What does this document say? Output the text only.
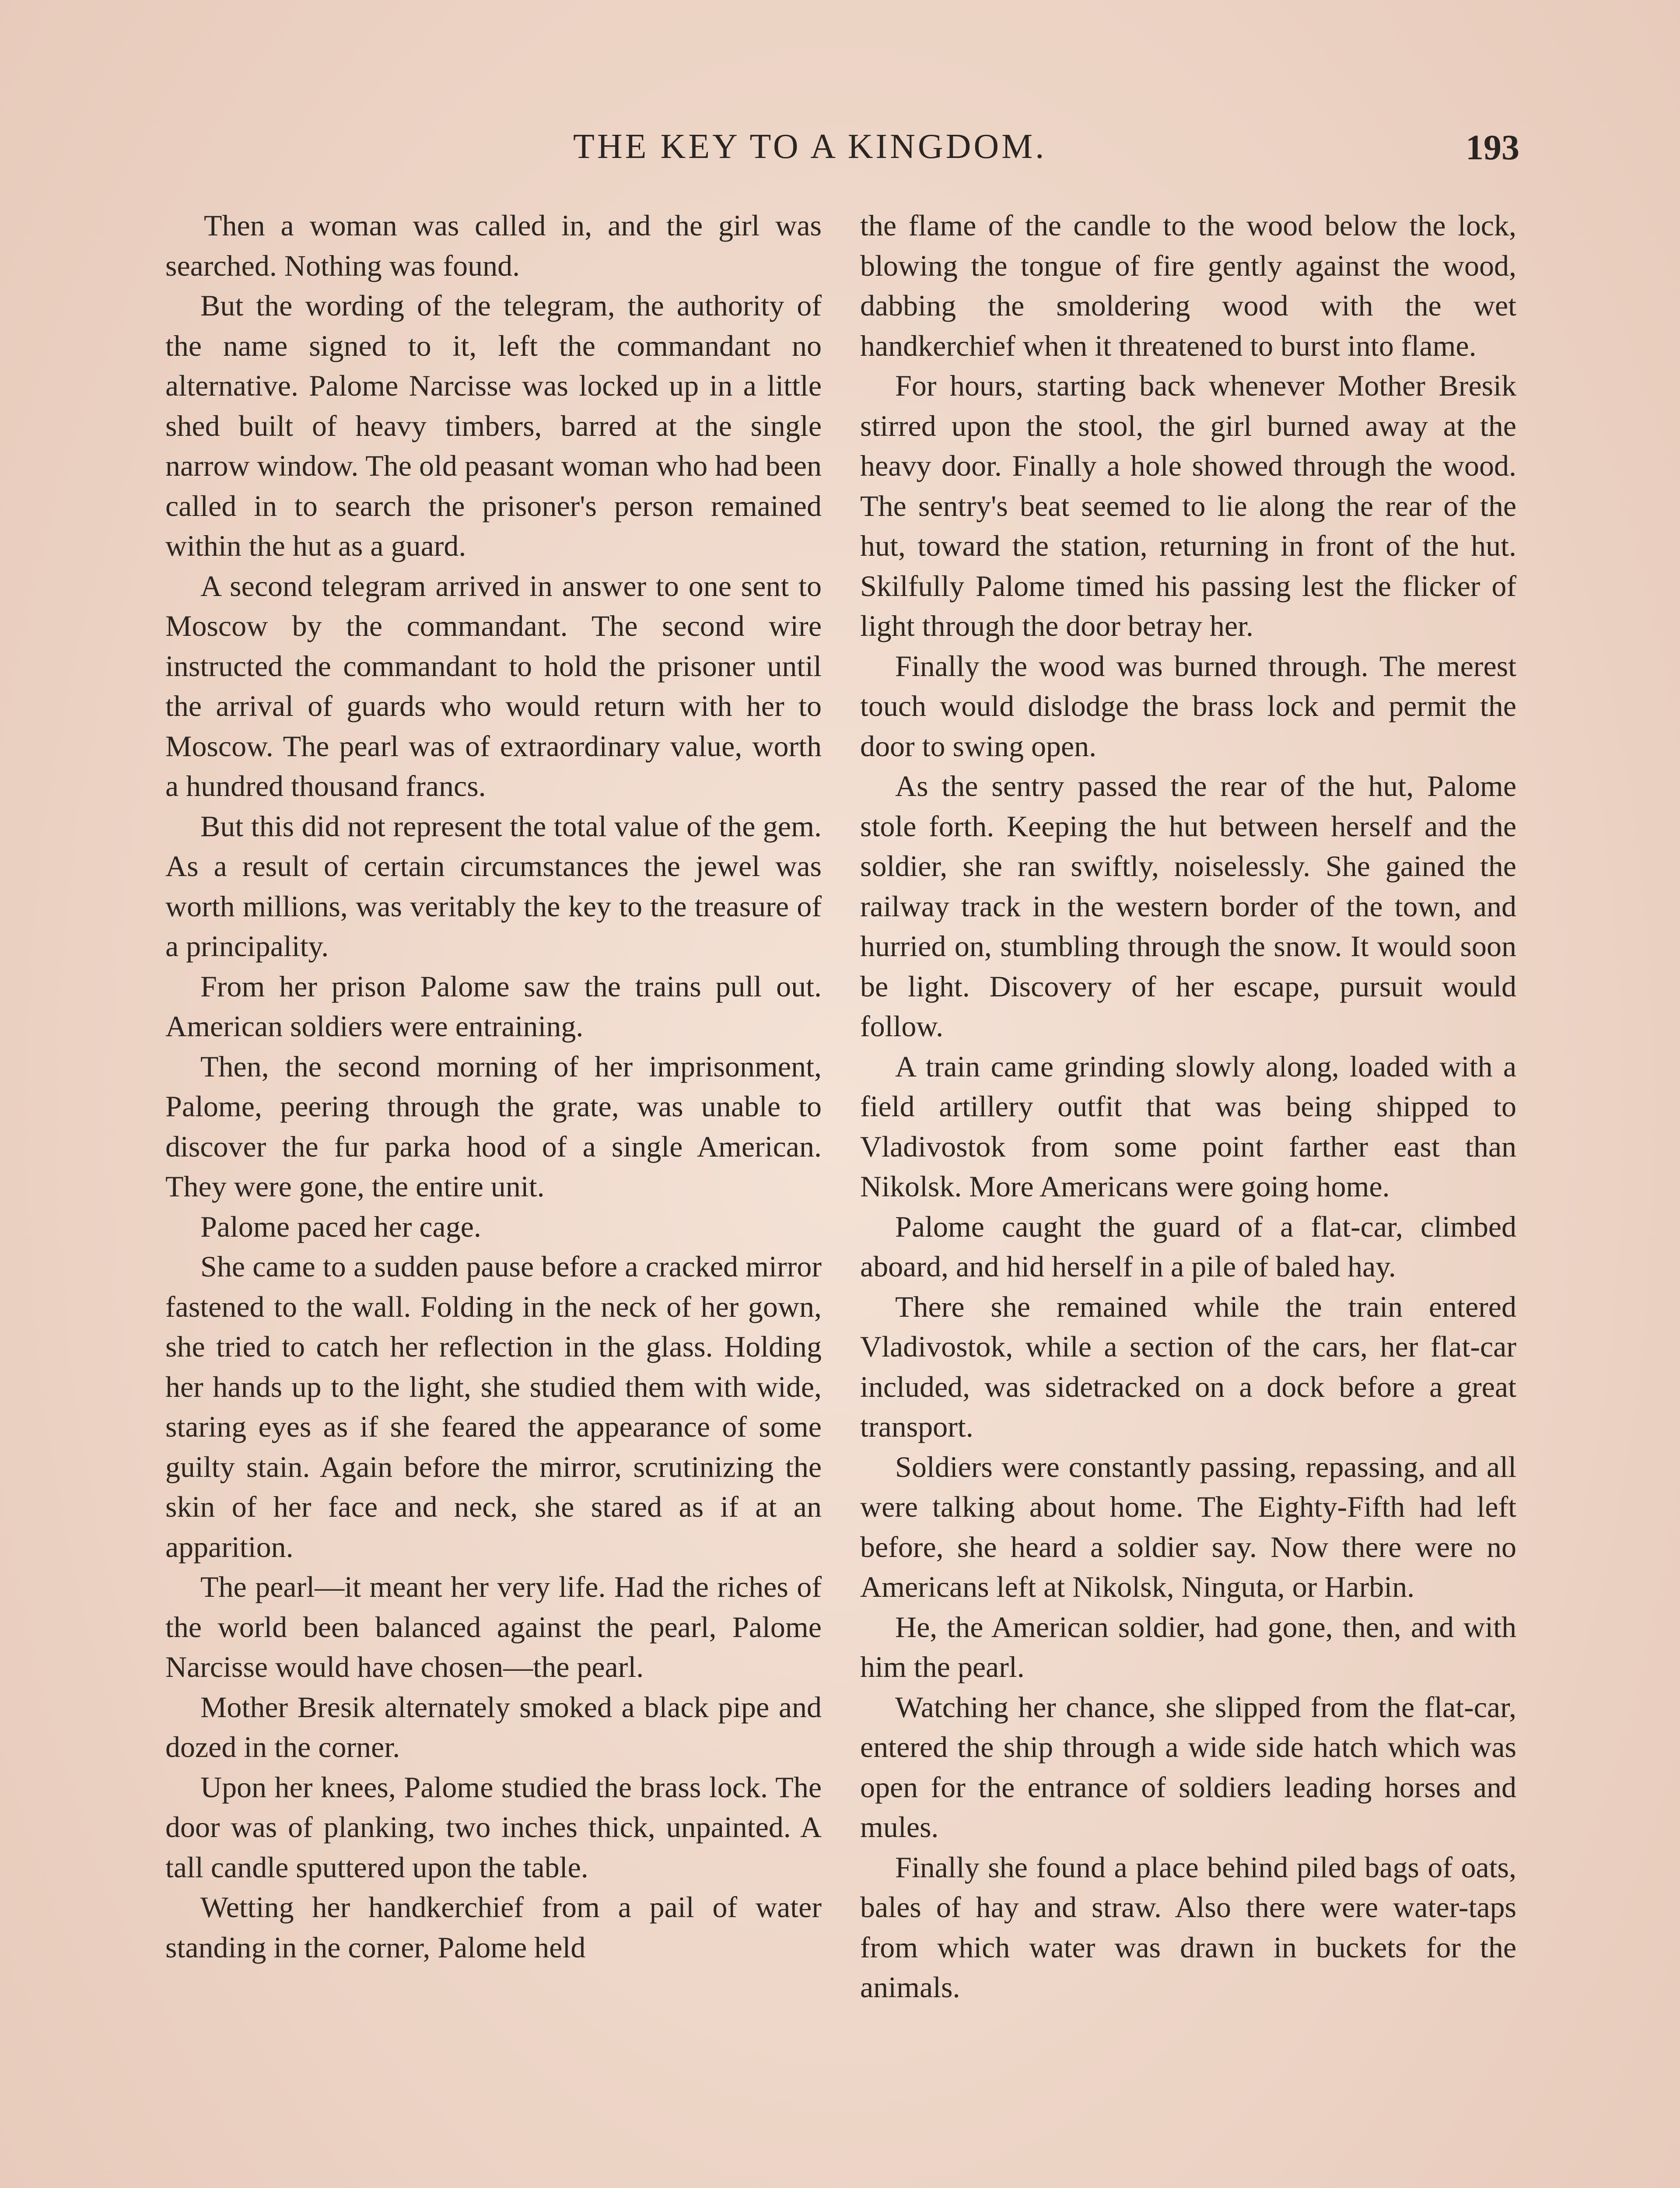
THE KEY TO A KINGDOM.	193

Then a woman was called in, and the girl was searched. Nothing was found.

But the wording of the telegram, the authority of the name signed to it, left the commandant no alternative. Palome Narcisse was locked up in a little shed built of heavy timbers, barred at the single narrow window. The old peasant woman who had been called in to search the prisoner's person remained within the hut as a guard.

A second telegram arrived in answer to one sent to Moscow by the commandant. The second wire instructed the commandant to hold the prisoner until the arrival of guards who would return with her to Moscow. The pearl was of extraordinary value, worth a hundred thousand francs.

But this did not represent the total value of the gem. As a result of certain circumstances the jewel was worth millions, was veritably the key to the treasure of a principality.

From her prison Palome saw the trains pull out. American soldiers were entraining.

Then, the second morning of her imprisonment, Palome, peering through the grate, was unable to discover the fur parka hood of a single American. They were gone, the entire unit.

Palome paced her cage.

She came to a sudden pause before a cracked mirror fastened to the wall. Folding in the neck of her gown, she tried to catch her reflection in the glass. Holding her hands up to the light, she studied them with wide, staring eyes as if she feared the appearance of some guilty stain. Again before the mirror, scrutinizing the skin of her face and neck, she stared as if at an apparition.

The pearl—it meant her very life. Had the riches of the world been balanced against the pearl, Palome Narcisse would have chosen—the pearl.

Mother Bresik alternately smoked a black pipe and dozed in the corner.

Upon her knees, Palome studied the brass lock. The door was of planking, two inches thick, unpainted. A tall candle sputtered upon the table.

Wetting her handkerchief from a pail of water standing in the corner, Palome held

the flame of the candle to the wood below the lock, blowing the tongue of fire gently against the wood, dabbing the smoldering wood with the wet handkerchief when it threatened to burst into flame.

For hours, starting back whenever Mother Bresik stirred upon the stool, the girl burned away at the heavy door. Finally a hole showed through the wood. The sentry's beat seemed to lie along the rear of the hut, toward the station, returning in front of the hut. Skilfully Palome timed his passing lest the flicker of light through the door betray her.

Finally the wood was burned through. The merest touch would dislodge the brass lock and permit the door to swing open.

As the sentry passed the rear of the hut, Palome stole forth. Keeping the hut between herself and the soldier, she ran swiftly, noiselessly. She gained the railway track in the western border of the town, and hurried on, stumbling through the snow. It would soon be light. Discovery of her escape, pursuit would follow.

A train came grinding slowly along, loaded with a field artillery outfit that was being shipped to Vladivostok from some point farther east than Nikolsk. More Americans were going home.

Palome caught the guard of a flat-car, climbed aboard, and hid herself in a pile of baled hay.

There she remained while the train entered Vladivostok, while a section of the cars, her flat-car included, was sidetracked on a dock before a great transport.

Soldiers were constantly passing, repassing, and all were talking about home. The Eighty-Fifth had left before, she heard a soldier say. Now there were no Americans left at Nikolsk, Ninguta, or Harbin.

He, the American soldier, had gone, then, and with him the pearl.

Watching her chance, she slipped from the flat-car, entered the ship through a wide side hatch which was open for the entrance of soldiers leading horses and mules.

Finally she found a place behind piled bags of oats, bales of hay and straw. Also there were water-taps from which water was drawn in buckets for the animals.
